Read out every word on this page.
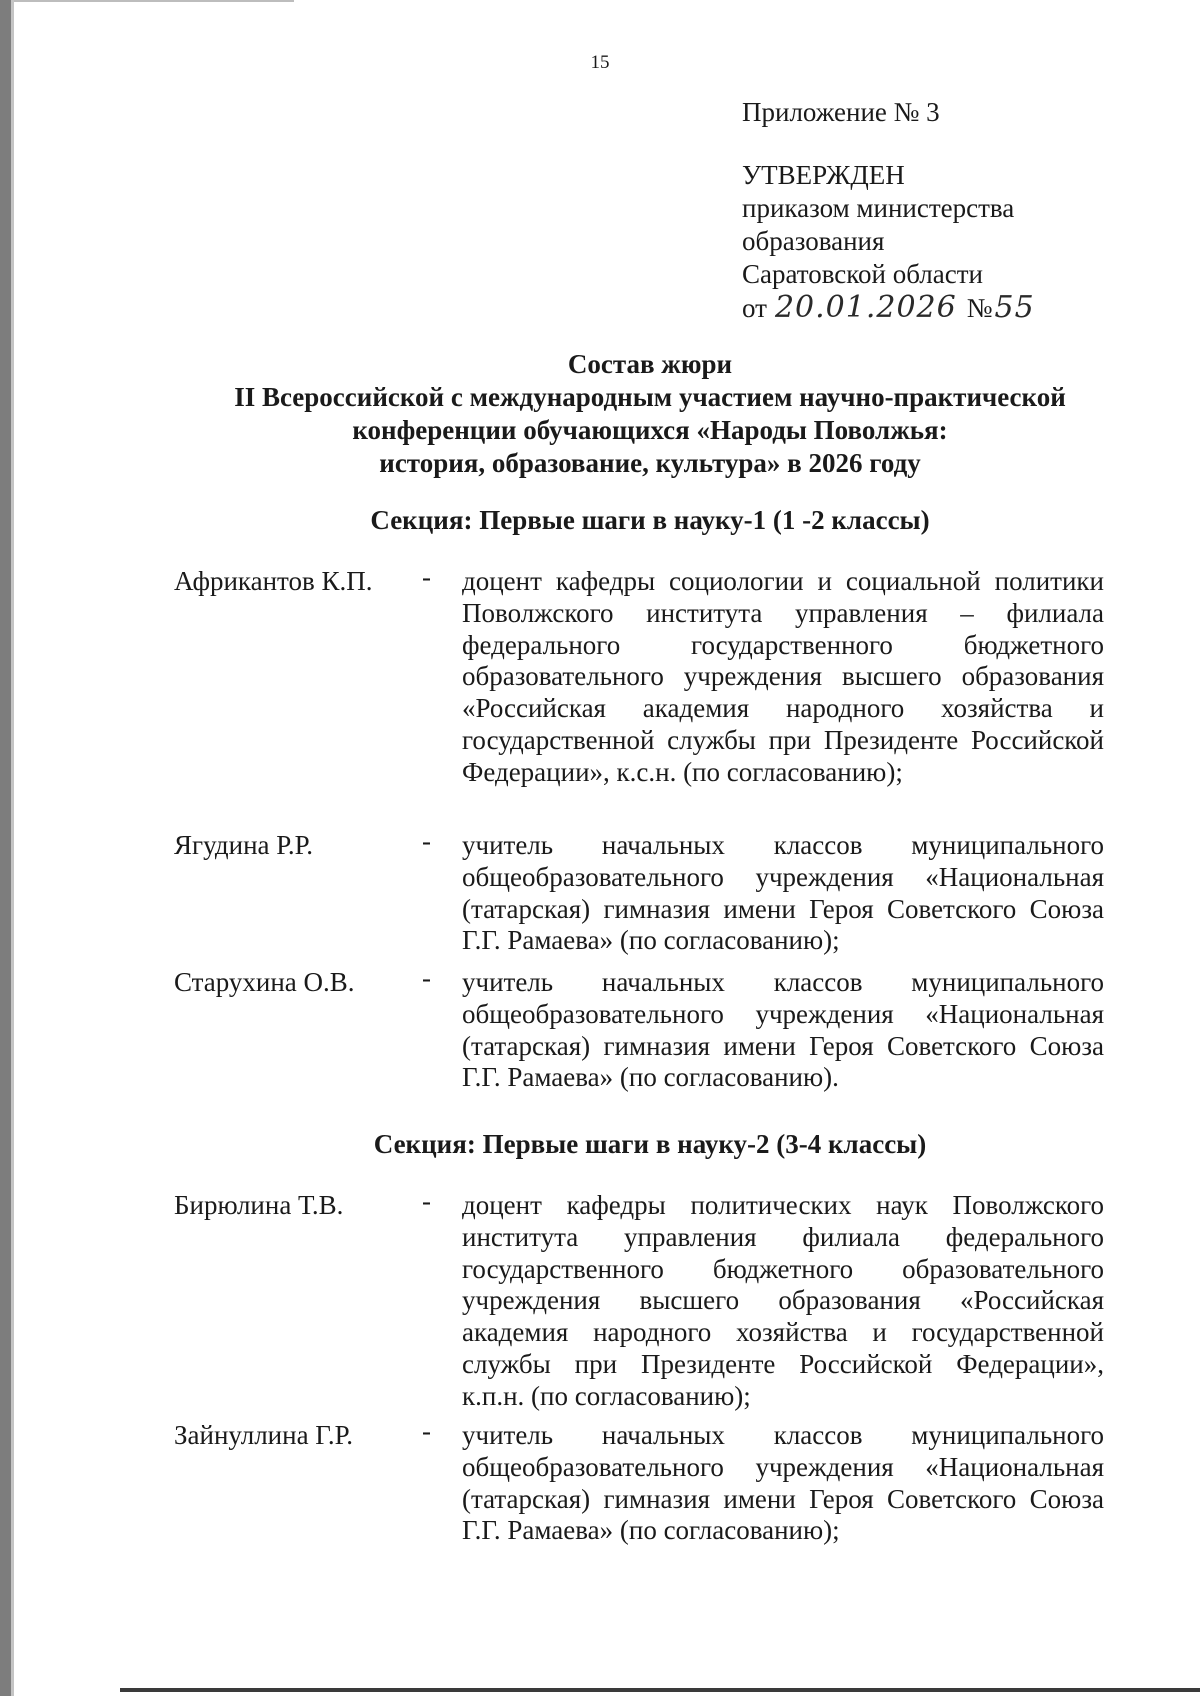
15
Приложение № 3
УТВЕРЖДЕН
приказом министерства
образования
Саратовской области
от 20.01.2026 № 55
Состав жюри
II Всероссийской с международным участием научно-практической
конференции обучающихся «Народы Поволжья:
история, образование, культура» в 2026 году
Секция: Первые шаги в науку-1 (1 -2 классы)
Африкантов К.П. - доцент кафедры социологии и социальной политики Поволжского института управления – филиала федерального государственного бюджетного образовательного учреждения высшего образования «Российская академия народного хозяйства и государственной службы при Президенте Российской Федерации», к.с.н. (по согласованию);
Ягудина Р.Р.	- учитель начальных классов муниципального общеобразовательного учреждения «Национальная (татарская) гимназия имени Героя Советского Союза Г.Г. Рамаева» (по согласованию);
Старухина О.В. - учитель начальных классов муниципального общеобразовательного учреждения «Национальная (татарская) гимназия имени Героя Советского Союза Г.Г. Рамаева» (по согласованию).
Секция: Первые шаги в науку-2 (3-4 классы)
Бирюлина Т.В.	- доцент кафедры политических наук Поволжского института управления филиала федерального государственного бюджетного образовательного учреждения высшего образования «Российская академия народного хозяйства и государственной службы при Президенте Российской Федерации», к.п.н. (по согласованию);
Зайнуллина Г.Р.	- учитель начальных классов муниципального общеобразовательного учреждения «Национальная (татарская) гимназия имени Героя Советского Союза Г.Г. Рамаева» (по согласованию);
